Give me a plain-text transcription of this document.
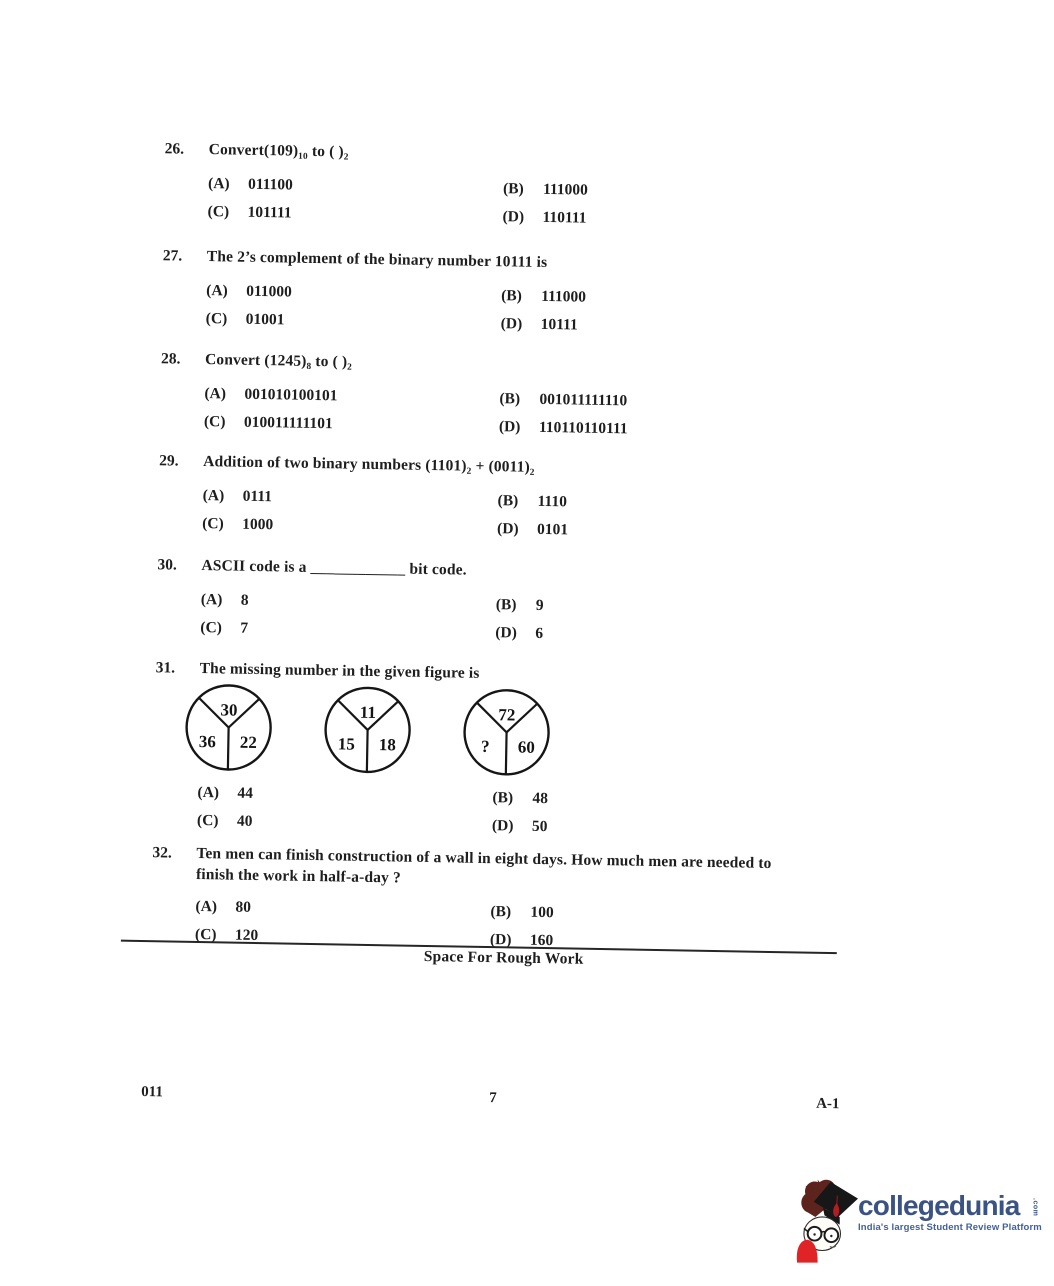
26.	Convert(109)₁₀ to ( )₂
(A) 011100	(B) 111000
(C) 101111	(D) 110111
27.	The 2’s complement of the binary number 10111 is
(A) 011000	(B) 111000
(C) 01001	(D) 10111
28.	Convert (1245)₈ to ( )₂
(A) 001010100101	(B) 001011111110
(C) 010011111101	(D) 110110110111
29.	Addition of two binary numbers (1101)₂ + (0011)₂
(A) 0111	(B) 1110
(C) 1000	(D) 0101
30.	ASCII code is a ____________ bit code.
(A) 8	(B) 9
(C) 7	(D) 6
31.	The missing number in the given figure is
30
36 22
11
15 18
72
? 60
(A) 44	(B) 48
(C) 40	(D) 50
32.	Ten men can finish construction of a wall in eight days. How much men are needed to
finish the work in half-a-day ?
(A) 80	(B) 100
(C) 120	(D) 160
Space For Rough Work
011	7	A-1
collegedunia	.com
India's largest Student Review Platform
